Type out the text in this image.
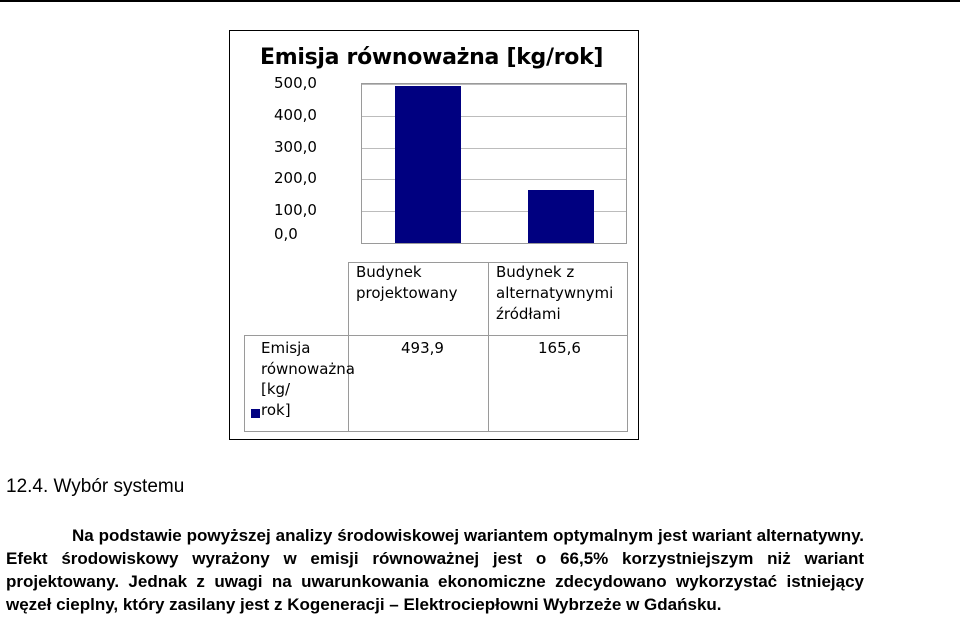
Emisja równoważna [kg/rok]
500,0
400,0
300,0
200,0
100,0
0,0
Budynek
projektowany
Budynek z
alternatywnymi
źródłami
Emisja
równoważna
[kg/
rok]
493,9	165,6
12.4. Wybór systemu

Na podstawie powyższej analizy środowiskowej wariantem optymalnym jest wariant alternatywny. Efekt środowiskowy wyrażony w emisji równoważnej jest o 66,5% korzystniejszym niż wariant projektowany. Jednak z uwagi na uwarunkowania ekonomiczne zdecydowano wykorzystać istniejący węzeł cieplny, który zasilany jest z Kogeneracji – Elektrociepłowni Wybrzeże w Gdańsku.
